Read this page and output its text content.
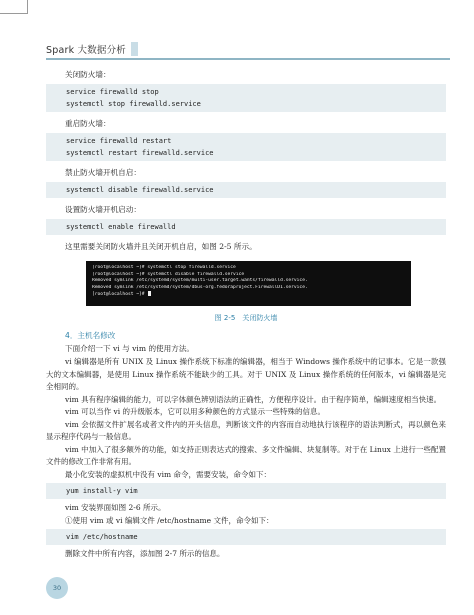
Spark 大数据分析
关闭防火墙：
service firewalld stop
systemctl stop firewalld.service
重启防火墙：
service firewalld restart
systemctl restart firewalld.service
禁止防火墙开机自启：
systemctl disable firewalld.service
设置防火墙开机启动：
systemctl enable firewalld
这里需要关闭防火墙并且关闭开机自启，如图 2-5 所示。
[root@localhost ~]# systemctl stop firewalld.service
[root@localhost ~]# systemctl disable firewalld.service
Removed symlink /etc/systemd/system/multi-user.target.wants/firewalld.service.
Removed symlink /etc/systemd/system/dbus-org.fedoraproject.FirewallD1.service.
[root@localhost ~]#
图 2-5　关闭防火墙
4．主机名修改
下面介绍一下 vi 与 vim 的使用方法。

vi 编辑器是所有 UNIX 及 Linux 操作系统下标准的编辑器，相当于 Windows 操作系统中的记事本。它是一款强大的文本编辑器，是使用 Linux 操作系统不能缺少的工具。对于 UNIX 及 Linux 操作系统的任何版本，vi 编辑器是完全相同的。

vim 具有程序编辑的能力，可以字体颜色辨别语法的正确性，方便程序设计。由于程序简单，编辑速度相当快速。

vim 可以当作 vi 的升级版本，它可以用多种颜色的方式显示一些特殊的信息。

vim 会依据文件扩展名或者文件内的开头信息，判断该文件的内容而自动地执行该程序的语法判断式，再以颜色来显示程序代码与一般信息。

vim 中加入了很多额外的功能，如支持正则表达式的搜索、多文件编辑、块复制等。对于在 Linux 上进行一些配置文件的修改工作非常有用。

最小化安装的虚拟机中没有 vim 命令，需要安装，命令如下：

yum install-y vim

vim 安装界面如图 2-6 所示。

①使用 vim 或 vi 编辑文件 /etc/hostname 文件，命令如下：

vim /etc/hostname

删除文件中所有内容，添加图 2-7 所示的信息。

30
